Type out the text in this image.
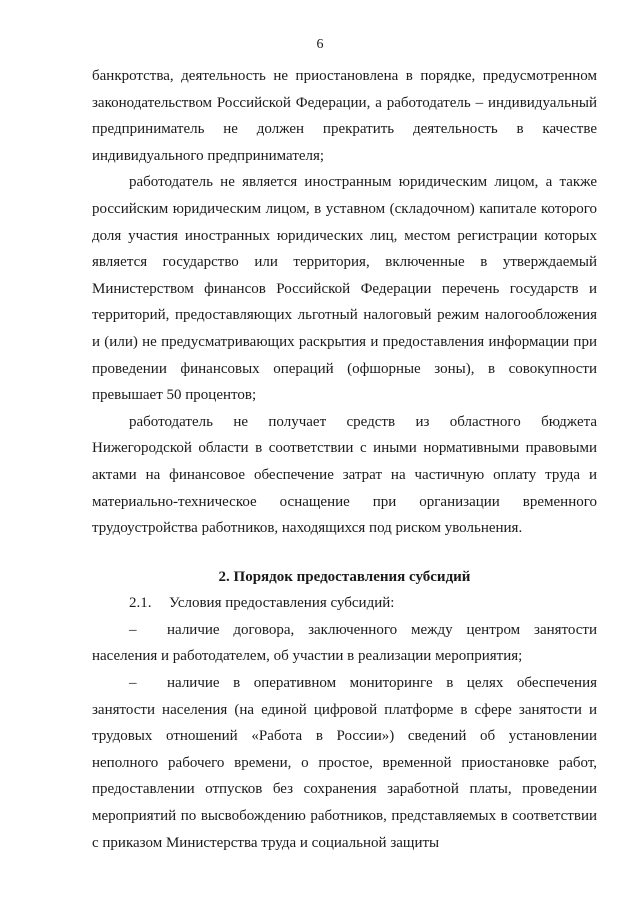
6

банкротства, деятельность не приостановлена в порядке, предусмотренном законодательством Российской Федерации, а работодатель – индивидуальный предприниматель не должен прекратить деятельность в качестве индивидуального предпринимателя;

работодатель не является иностранным юридическим лицом, а также российским юридическим лицом, в уставном (складочном) капитале которого доля участия иностранных юридических лиц, местом регистрации которых является государство или территория, включенные в утверждаемый Министерством финансов Российской Федерации перечень государств и территорий, предоставляющих льготный налоговый режим налогообложения и (или) не предусматривающих раскрытия и предоставления информации при проведении финансовых операций (офшорные зоны), в совокупности превышает 50 процентов;

работодатель не получает средств из областного бюджета Нижегородской области в соответствии с иными нормативными правовыми актами на финансовое обеспечение затрат на частичную оплату труда и материально-техническое оснащение при организации временного трудоустройства работников, находящихся под риском увольнения.

2. Порядок предоставления субсидий

2.1. Условия предоставления субсидий:

– наличие договора, заключенного между центром занятости населения и работодателем, об участии в реализации мероприятия;

– наличие в оперативном мониторинге в целях обеспечения занятости населения (на единой цифровой платформе в сфере занятости и трудовых отношений «Работа в России») сведений об установлении неполного рабочего времени, о простое, временной приостановке работ, предоставлении отпусков без сохранения заработной платы, проведении мероприятий по высвобождению работников, представляемых в соответствии с приказом Министерства труда и социальной защиты
